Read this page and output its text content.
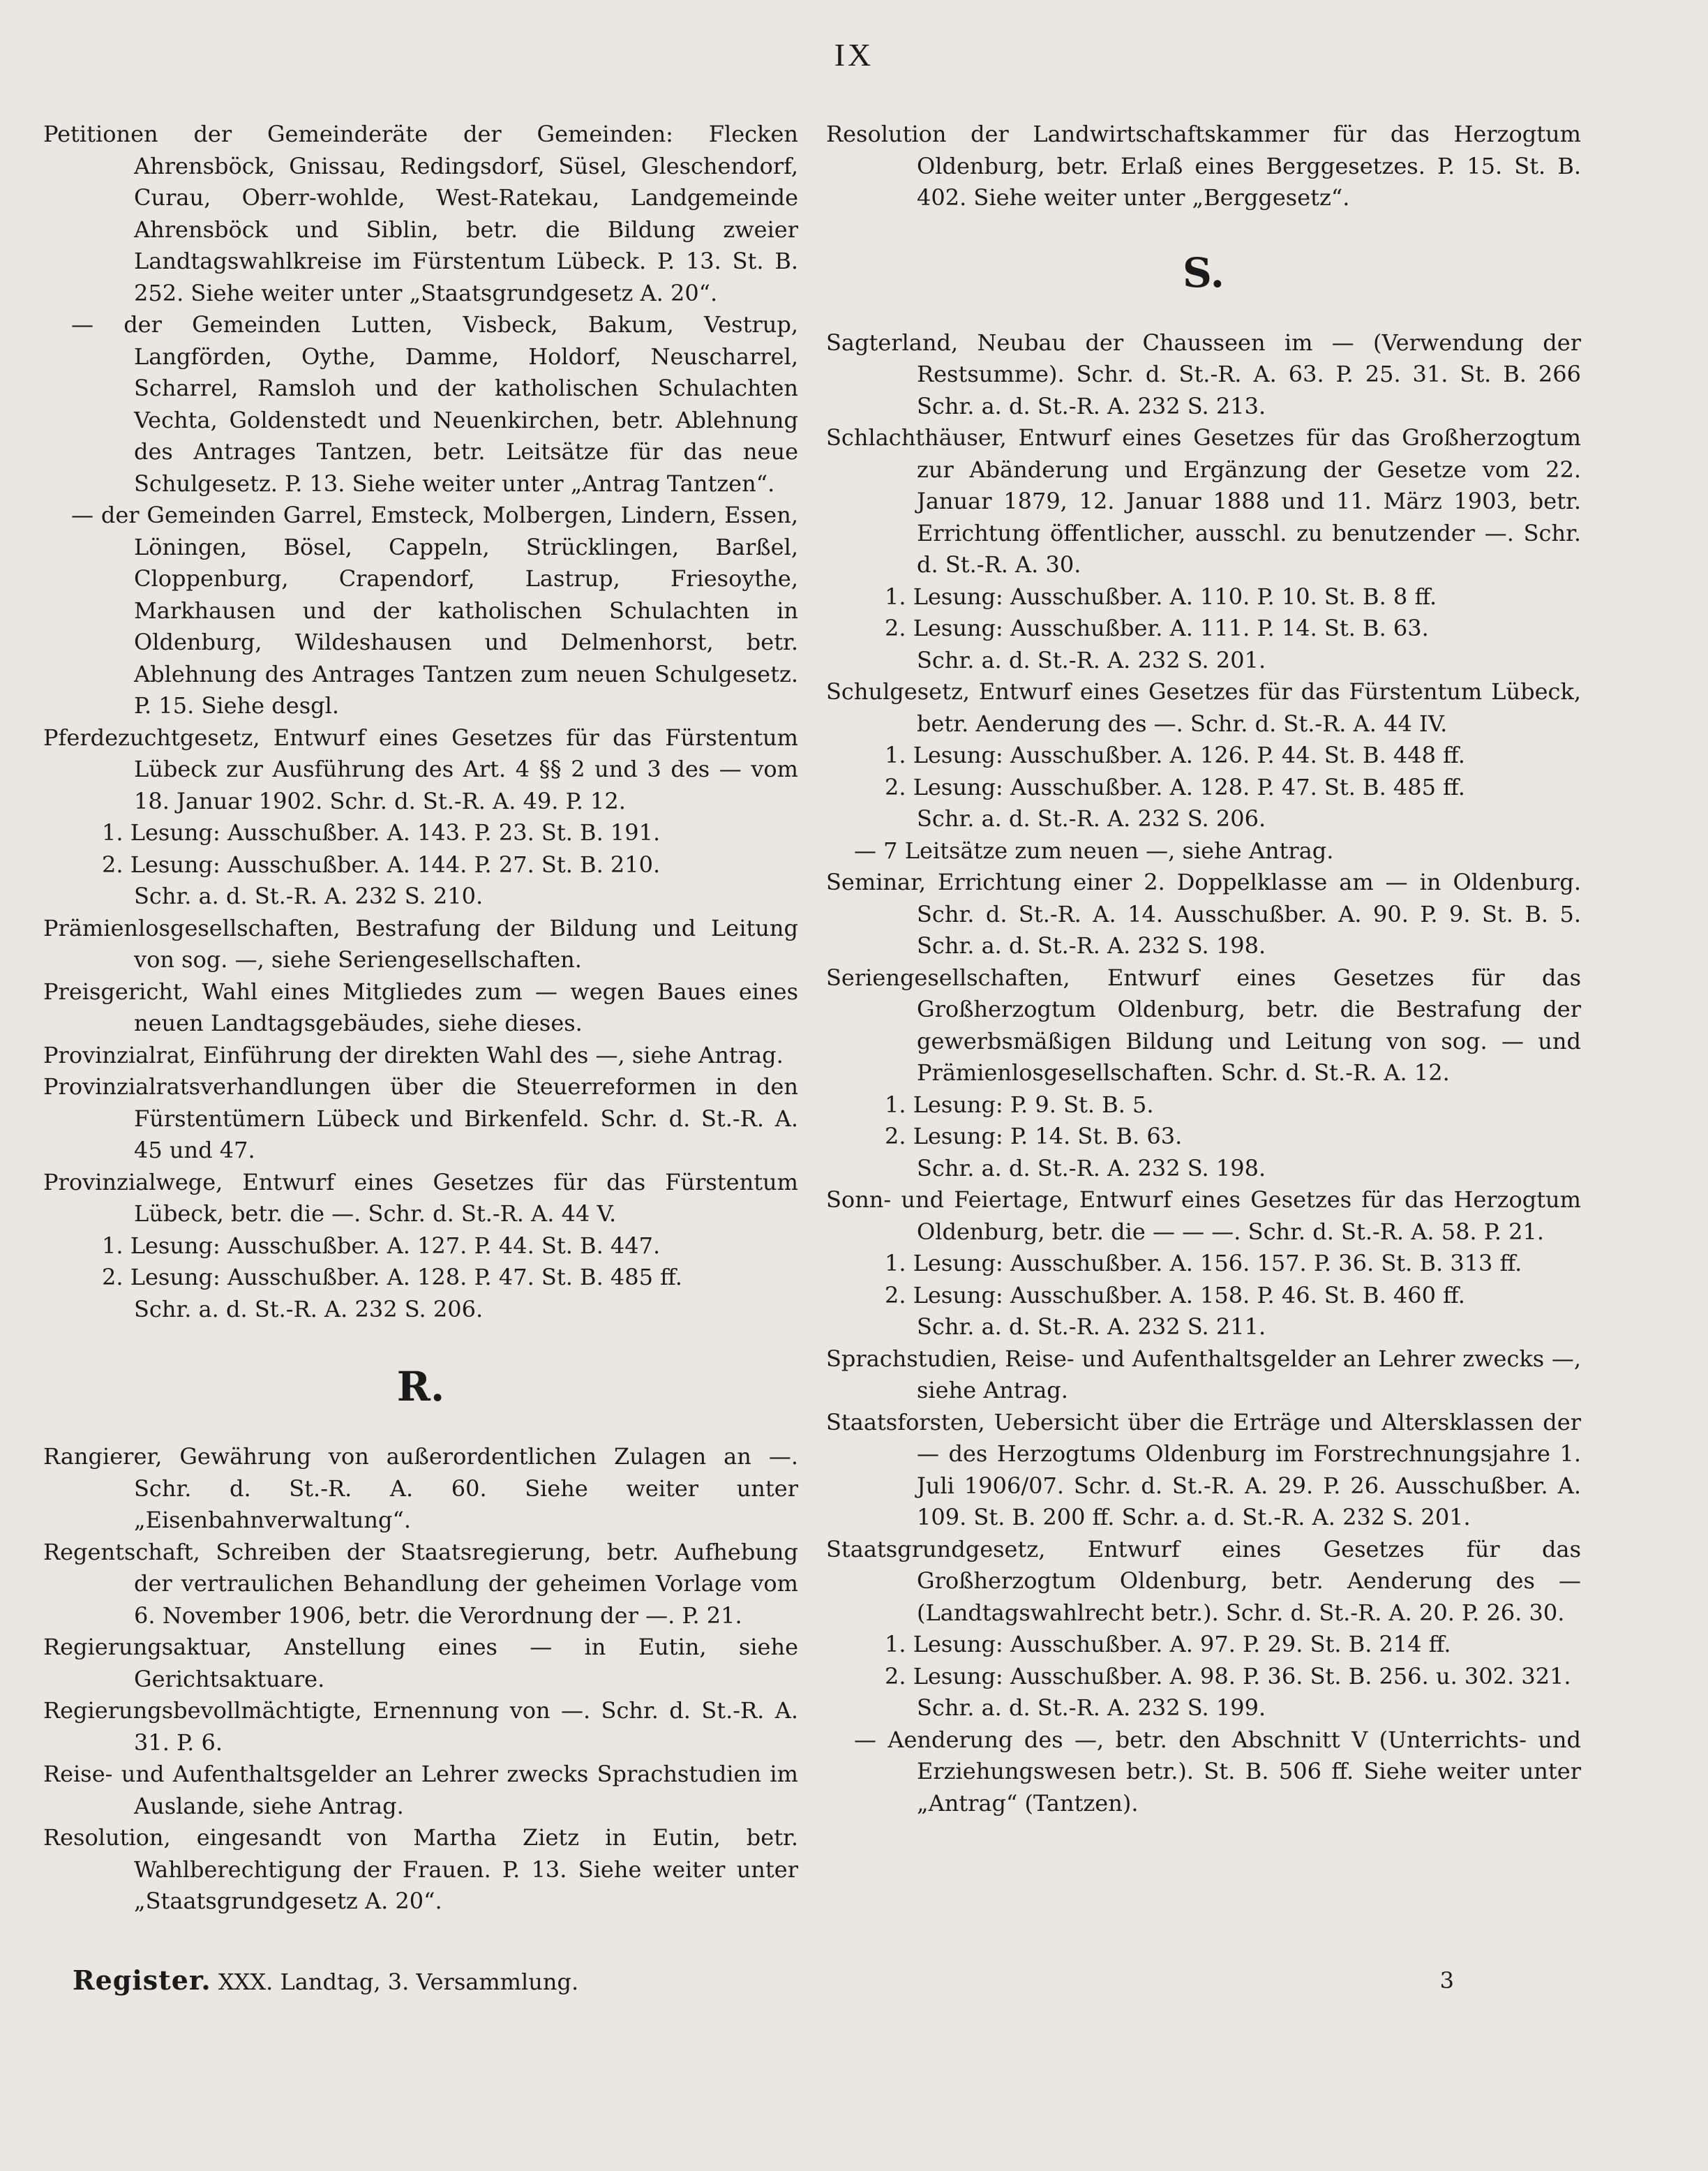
IX

Petitionen der Gemeinderäte der Gemeinden: Flecken Ahrensböck, Gnissau, Redingsdorf, Süsel, Gleschendorf, Curau, Oberr-wohlde, West-Ratekau, Landgemeinde Ahrensböck und Siblin, betr. die Bildung zweier Landtagswahlkreise im Fürstentum Lübeck. P. 13. St. B. 252. Siehe weiter unter „Staatsgrundgesetz A. 20“.

— der Gemeinden Lutten, Visbeck, Bakum, Vestrup, Langförden, Oythe, Damme, Holdorf, Neuscharrel, Scharrel, Ramsloh und der katholischen Schulachten Vechta, Goldenstedt und Neuenkirchen, betr. Ablehnung des Antrages Tantzen, betr. Leitsätze für das neue Schulgesetz. P. 13. Siehe weiter unter „Antrag Tantzen“.

— der Gemeinden Garrel, Emsteck, Molbergen, Lindern, Essen, Löningen, Bösel, Cappeln, Strücklingen, Barßel, Cloppenburg, Crapendorf, Lastrup, Friesoythe, Markhausen und der katholischen Schulachten in Oldenburg, Wildeshausen und Delmenhorst, betr. Ablehnung des Antrages Tantzen zum neuen Schulgesetz. P. 15. Siehe desgl.

Pferdezuchtgesetz, Entwurf eines Gesetzes für das Fürstentum Lübeck zur Ausführung des Art. 4 §§ 2 und 3 des — vom 18. Januar 1902. Schr. d. St.-R. A. 49. P. 12.

1. Lesung: Ausschußber. A. 143. P. 23. St. B. 191.

2. Lesung: Ausschußber. A. 144. P. 27. St. B. 210.

Schr. a. d. St.-R. A. 232 S. 210.

Prämienlosgesellschaften, Bestrafung der Bildung und Leitung von sog. —, siehe Seriengesellschaften.

Preisgericht, Wahl eines Mitgliedes zum — wegen Baues eines neuen Landtagsgebäudes, siehe dieses.

Provinzialrat, Einführung der direkten Wahl des —, siehe Antrag.

Provinzialratsverhandlungen über die Steuerreformen in den Fürstentümern Lübeck und Birkenfeld. Schr. d. St.-R. A. 45 und 47.

Provinzialwege, Entwurf eines Gesetzes für das Fürstentum Lübeck, betr. die —. Schr. d. St.-R. A. 44 V.

1. Lesung: Ausschußber. A. 127. P. 44. St. B. 447.

2. Lesung: Ausschußber. A. 128. P. 47. St. B. 485 ff.

Schr. a. d. St.-R. A. 232 S. 206.

R.

Rangierer, Gewährung von außerordentlichen Zulagen an —. Schr. d. St.-R. A. 60. Siehe weiter unter „Eisenbahnverwaltung“.

Regentschaft, Schreiben der Staatsregierung, betr. Aufhebung der vertraulichen Behandlung der geheimen Vorlage vom 6. November 1906, betr. die Verordnung der —. P. 21.

Regierungsaktuar, Anstellung eines — in Eutin, siehe Gerichtsaktuare.

Regierungsbevollmächtigte, Ernennung von —. Schr. d. St.-R. A. 31. P. 6.

Reise- und Aufenthaltsgelder an Lehrer zwecks Sprachstudien im Auslande, siehe Antrag.

Resolution, eingesandt von Martha Zietz in Eutin, betr. Wahlberechtigung der Frauen. P. 13. Siehe weiter unter „Staatsgrundgesetz A. 20“.

Resolution der Landwirtschaftskammer für das Herzogtum Oldenburg, betr. Erlaß eines Berggesetzes. P. 15. St. B. 402. Siehe weiter unter „Berggesetz“.

S.

Sagterland, Neubau der Chausseen im — (Verwendung der Restsumme). Schr. d. St.-R. A. 63. P. 25. 31. St. B. 266 Schr. a. d. St.-R. A. 232 S. 213.

Schlachthäuser, Entwurf eines Gesetzes für das Großherzogtum zur Abänderung und Ergänzung der Gesetze vom 22. Januar 1879, 12. Januar 1888 und 11. März 1903, betr. Errichtung öffentlicher, ausschl. zu benutzender —. Schr. d. St.-R. A. 30.

1. Lesung: Ausschußber. A. 110. P. 10. St. B. 8 ff.

2. Lesung: Ausschußber. A. 111. P. 14. St. B. 63.

Schr. a. d. St.-R. A. 232 S. 201.

Schulgesetz, Entwurf eines Gesetzes für das Fürstentum Lübeck, betr. Aenderung des —. Schr. d. St.-R. A. 44 IV.

1. Lesung: Ausschußber. A. 126. P. 44. St. B. 448 ff.

2. Lesung: Ausschußber. A. 128. P. 47. St. B. 485 ff.

Schr. a. d. St.-R. A. 232 S. 206.

— 7 Leitsätze zum neuen —, siehe Antrag.

Seminar, Errichtung einer 2. Doppelklasse am — in Oldenburg. Schr. d. St.-R. A. 14. Ausschußber. A. 90. P. 9. St. B. 5. Schr. a. d. St.-R. A. 232 S. 198.

Seriengesellschaften, Entwurf eines Gesetzes für das Großherzogtum Oldenburg, betr. die Bestrafung der gewerbsmäßigen Bildung und Leitung von sog. — und Prämienlosgesellschaften. Schr. d. St.-R. A. 12.

1. Lesung: P. 9. St. B. 5.

2. Lesung: P. 14. St. B. 63.

Schr. a. d. St.-R. A. 232 S. 198.

Sonn- und Feiertage, Entwurf eines Gesetzes für das Herzogtum Oldenburg, betr. die — — —. Schr. d. St.-R. A. 58. P. 21.

1. Lesung: Ausschußber. A. 156. 157. P. 36. St. B. 313 ff.

2. Lesung: Ausschußber. A. 158. P. 46. St. B. 460 ff.

Schr. a. d. St.-R. A. 232 S. 211.

Sprachstudien, Reise- und Aufenthaltsgelder an Lehrer zwecks —, siehe Antrag.

Staatsforsten, Uebersicht über die Erträge und Altersklassen der — des Herzogtums Oldenburg im Forstrechnungsjahre 1. Juli 1906/07. Schr. d. St.-R. A. 29. P. 26. Ausschußber. A. 109. St. B. 200 ff. Schr. a. d. St.-R. A. 232 S. 201.

Staatsgrundgesetz, Entwurf eines Gesetzes für das Großherzogtum Oldenburg, betr. Aenderung des — (Landtagswahlrecht betr.). Schr. d. St.-R. A. 20. P. 26. 30.

1. Lesung: Ausschußber. A. 97. P. 29. St. B. 214 ff.

2. Lesung: Ausschußber. A. 98. P. 36. St. B. 256. u. 302. 321.

Schr. a. d. St.-R. A. 232 S. 199.

— Aenderung des —, betr. den Abschnitt V (Unterrichts- und Erziehungswesen betr.). St. B. 506 ff. Siehe weiter unter „Antrag“ (Tantzen).

Register. XXX. Landtag, 3. Versammlung.	3
